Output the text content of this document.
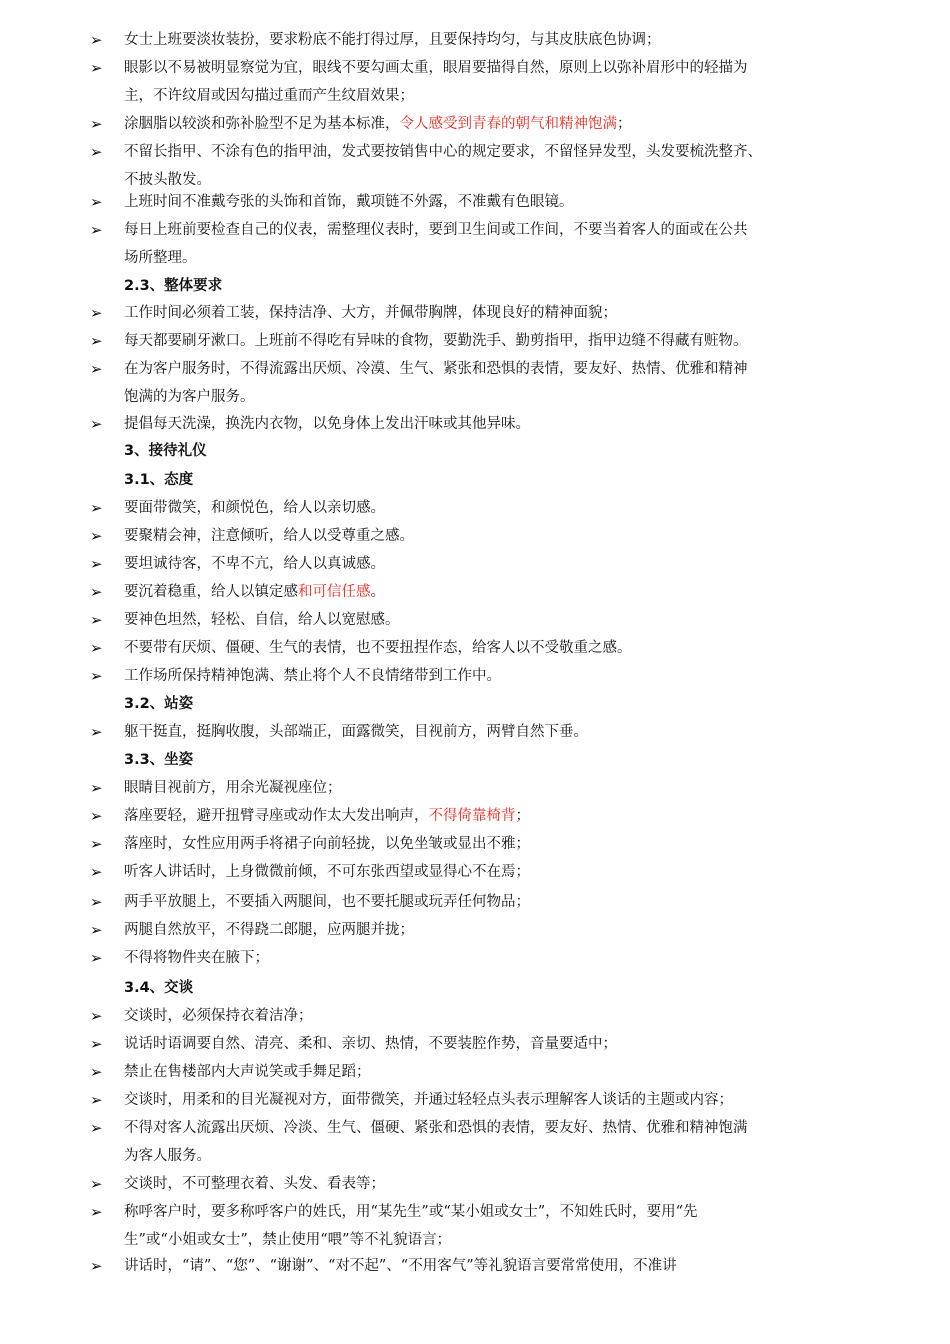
➢ 女士上班要淡妆装扮，要求粉底不能打得过厚，且要保持均匀，与其皮肤底色协调；
➢ 眼影以不易被明显察觉为宜，眼线不要勾画太重，眼眉要描得自然，原则上以弥补眉形中的轻描为
主，不许纹眉或因勾描过重而产生纹眉效果；
➢ 涂胭脂以较淡和弥补脸型不足为基本标准，令人感受到青春的朝气和精神饱满；
➢ 不留长指甲、不涂有色的指甲油，发式要按销售中心的规定要求，不留怪异发型，头发要梳洗整齐、
不披头散发。
➢ 上班时间不准戴夸张的头饰和首饰，戴项链不外露，不准戴有色眼镜。
➢ 每日上班前要检查自己的仪表，需整理仪表时，要到卫生间或工作间，不要当着客人的面或在公共
场所整理。
2.3、整体要求
➢ 工作时间必须着工装，保持洁净、大方，并佩带胸牌，体现良好的精神面貌；
➢ 每天都要刷牙漱口。上班前不得吃有异味的食物，要勤洗手、勤剪指甲，指甲边缝不得藏有赃物。
➢ 在为客户服务时，不得流露出厌烦、冷漠、生气、紧张和恐惧的表情，要友好、热情、优雅和精神
饱满的为客户服务。
➢ 提倡每天洗澡，换洗内衣物，以免身体上发出汗味或其他异味。
3、接待礼仪
3.1、态度
➢ 要面带微笑，和颜悦色，给人以亲切感。
➢ 要聚精会神，注意倾听，给人以受尊重之感。
➢ 要坦诚待客，不卑不亢，给人以真诚感。
➢ 要沉着稳重，给人以镇定感和可信任感。
➢ 要神色坦然，轻松、自信，给人以宽慰感。
➢ 不要带有厌烦、僵硬、生气的表情，也不要扭捏作态，给客人以不受敬重之感。
➢ 工作场所保持精神饱满、禁止将个人不良情绪带到工作中。
3.2、站姿
➢ 躯干挺直，挺胸收腹，头部端正，面露微笑，目视前方，两臂自然下垂。
3.3、坐姿
➢ 眼睛目视前方，用余光凝视座位；
➢ 落座要轻，避开扭臂寻座或动作太大发出响声，不得倚靠椅背；
➢ 落座时，女性应用两手将裙子向前轻拢，以免坐皱或显出不雅；
➢ 听客人讲话时，上身微微前倾，不可东张西望或显得心不在焉；
➢ 两手平放腿上，不要插入两腿间，也不要托腿或玩弄任何物品；
➢ 两腿自然放平，不得跷二郎腿，应两腿并拢；
➢ 不得将物件夹在腋下；
3.4、交谈
➢ 交谈时，必须保持衣着洁净；
➢ 说话时语调要自然、清亮、柔和、亲切、热情，不要装腔作势，音量要适中；
➢ 禁止在售楼部内大声说笑或手舞足蹈；
➢ 交谈时，用柔和的目光凝视对方，面带微笑，并通过轻轻点头表示理解客人谈话的主题或内容；
➢ 不得对客人流露出厌烦、冷淡、生气、僵硬、紧张和恐惧的表情，要友好、热情、优雅和精神饱满
为客人服务。
➢ 交谈时，不可整理衣着、头发、看表等；
➢ 称呼客户时，要多称呼客户的姓氏，用“某先生”或“某小姐或女士”，不知姓氏时，要用“先
生”或“小姐或女士”，禁止使用“喂”等不礼貌语言；
➢ 讲话时，“请”、“您”、“谢谢”、“对不起”、“不用客气”等礼貌语言要常常使用，不准讲
